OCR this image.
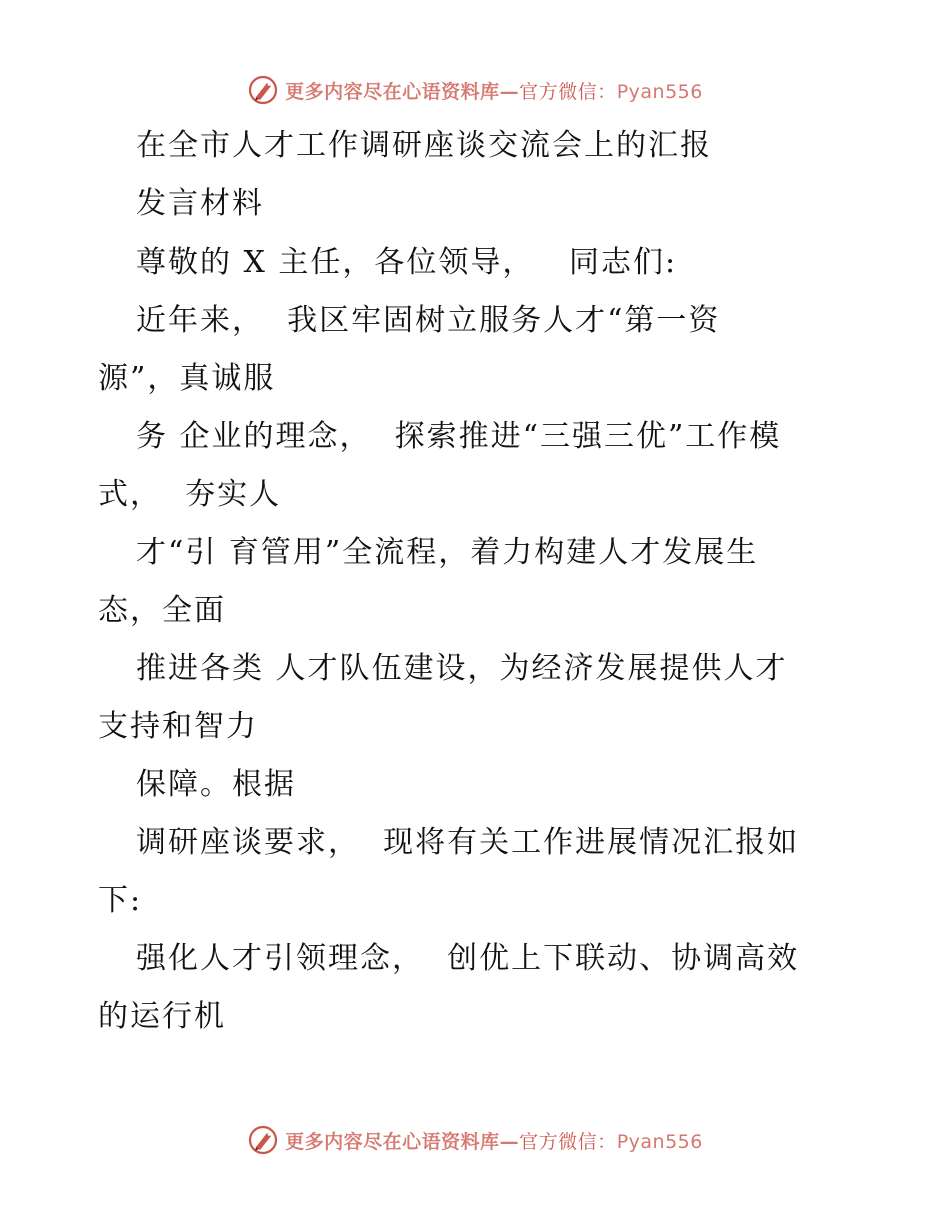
更多内容尽在心语资料库—官方微信：Pyan556
在全市人才工作调研座谈交流会上的汇报
发言材料
尊敬的 X 主任，各位领导，   同志们:
近年来，  我区牢固树立服务人才“第一资
源”，真诚服
务 企业的理念，  探索推进“三强三优”工作模
式，  夯实人
才“引 育管用”全流程，着力构建人才发展生
态，全面
推进各类 人才队伍建设，为经济发展提供人才
支持和智力
保障。根据
调研座谈要求，  现将有关工作进展情况汇报如
下:
强化人才引领理念，  创优上下联动、协调高效
的运行机
更多内容尽在心语资料库—官方微信：Pyan556
